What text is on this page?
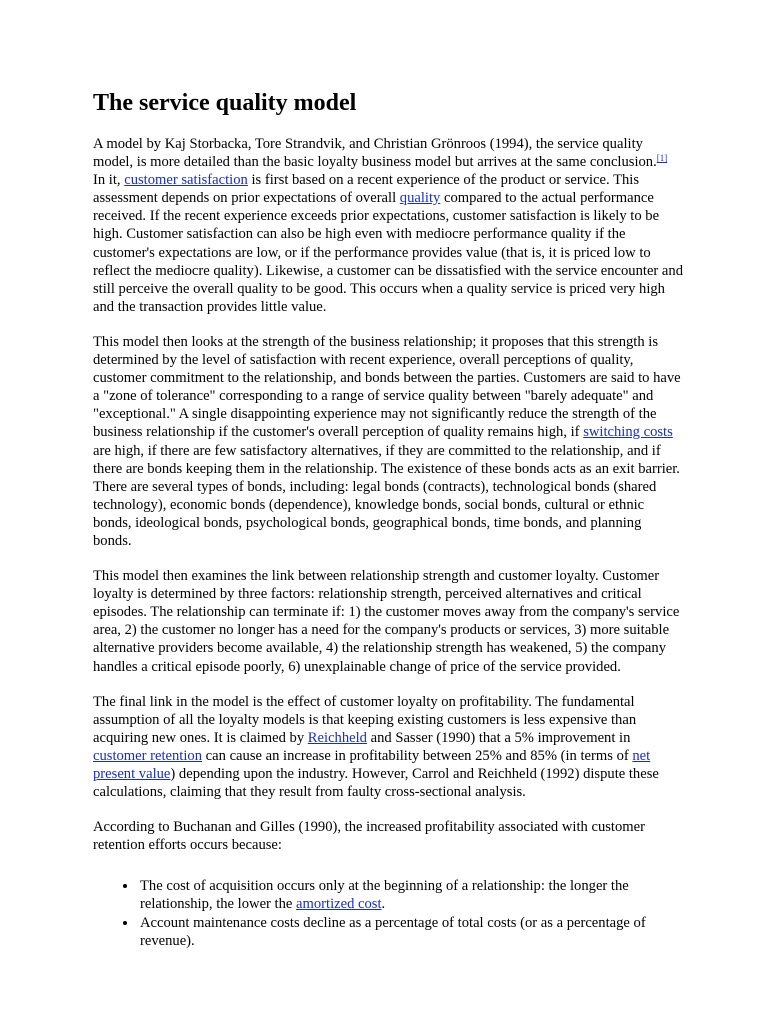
The service quality model

A model by Kaj Storbacka, Tore Strandvik, and Christian Grönroos (1994), the service quality model, is more detailed than the basic loyalty business model but arrives at the same conclusion.[1] In it, customer satisfaction is first based on a recent experience of the product or service. This assessment depends on prior expectations of overall quality compared to the actual performance received. If the recent experience exceeds prior expectations, customer satisfaction is likely to be high. Customer satisfaction can also be high even with mediocre performance quality if the customer's expectations are low, or if the performance provides value (that is, it is priced low to reflect the mediocre quality). Likewise, a customer can be dissatisfied with the service encounter and still perceive the overall quality to be good. This occurs when a quality service is priced very high and the transaction provides little value.

This model then looks at the strength of the business relationship; it proposes that this strength is determined by the level of satisfaction with recent experience, overall perceptions of quality, customer commitment to the relationship, and bonds between the parties. Customers are said to have a "zone of tolerance" corresponding to a range of service quality between "barely adequate" and "exceptional." A single disappointing experience may not significantly reduce the strength of the business relationship if the customer's overall perception of quality remains high, if switching costs are high, if there are few satisfactory alternatives, if they are committed to the relationship, and if there are bonds keeping them in the relationship. The existence of these bonds acts as an exit barrier. There are several types of bonds, including: legal bonds (contracts), technological bonds (shared technology), economic bonds (dependence), knowledge bonds, social bonds, cultural or ethnic bonds, ideological bonds, psychological bonds, geographical bonds, time bonds, and planning bonds.

This model then examines the link between relationship strength and customer loyalty. Customer loyalty is determined by three factors: relationship strength, perceived alternatives and critical episodes. The relationship can terminate if: 1) the customer moves away from the company's service area, 2) the customer no longer has a need for the company's products or services, 3) more suitable alternative providers become available, 4) the relationship strength has weakened, 5) the company handles a critical episode poorly, 6) unexplainable change of price of the service provided.

The final link in the model is the effect of customer loyalty on profitability. The fundamental assumption of all the loyalty models is that keeping existing customers is less expensive than acquiring new ones. It is claimed by Reichheld and Sasser (1990) that a 5% improvement in customer retention can cause an increase in profitability between 25% and 85% (in terms of net present value) depending upon the industry. However, Carrol and Reichheld (1992) dispute these calculations, claiming that they result from faulty cross-sectional analysis.

According to Buchanan and Gilles (1990), the increased profitability associated with customer retention efforts occurs because:

• The cost of acquisition occurs only at the beginning of a relationship: the longer the relationship, the lower the amortized cost.
• Account maintenance costs decline as a percentage of total costs (or as a percentage of revenue).
